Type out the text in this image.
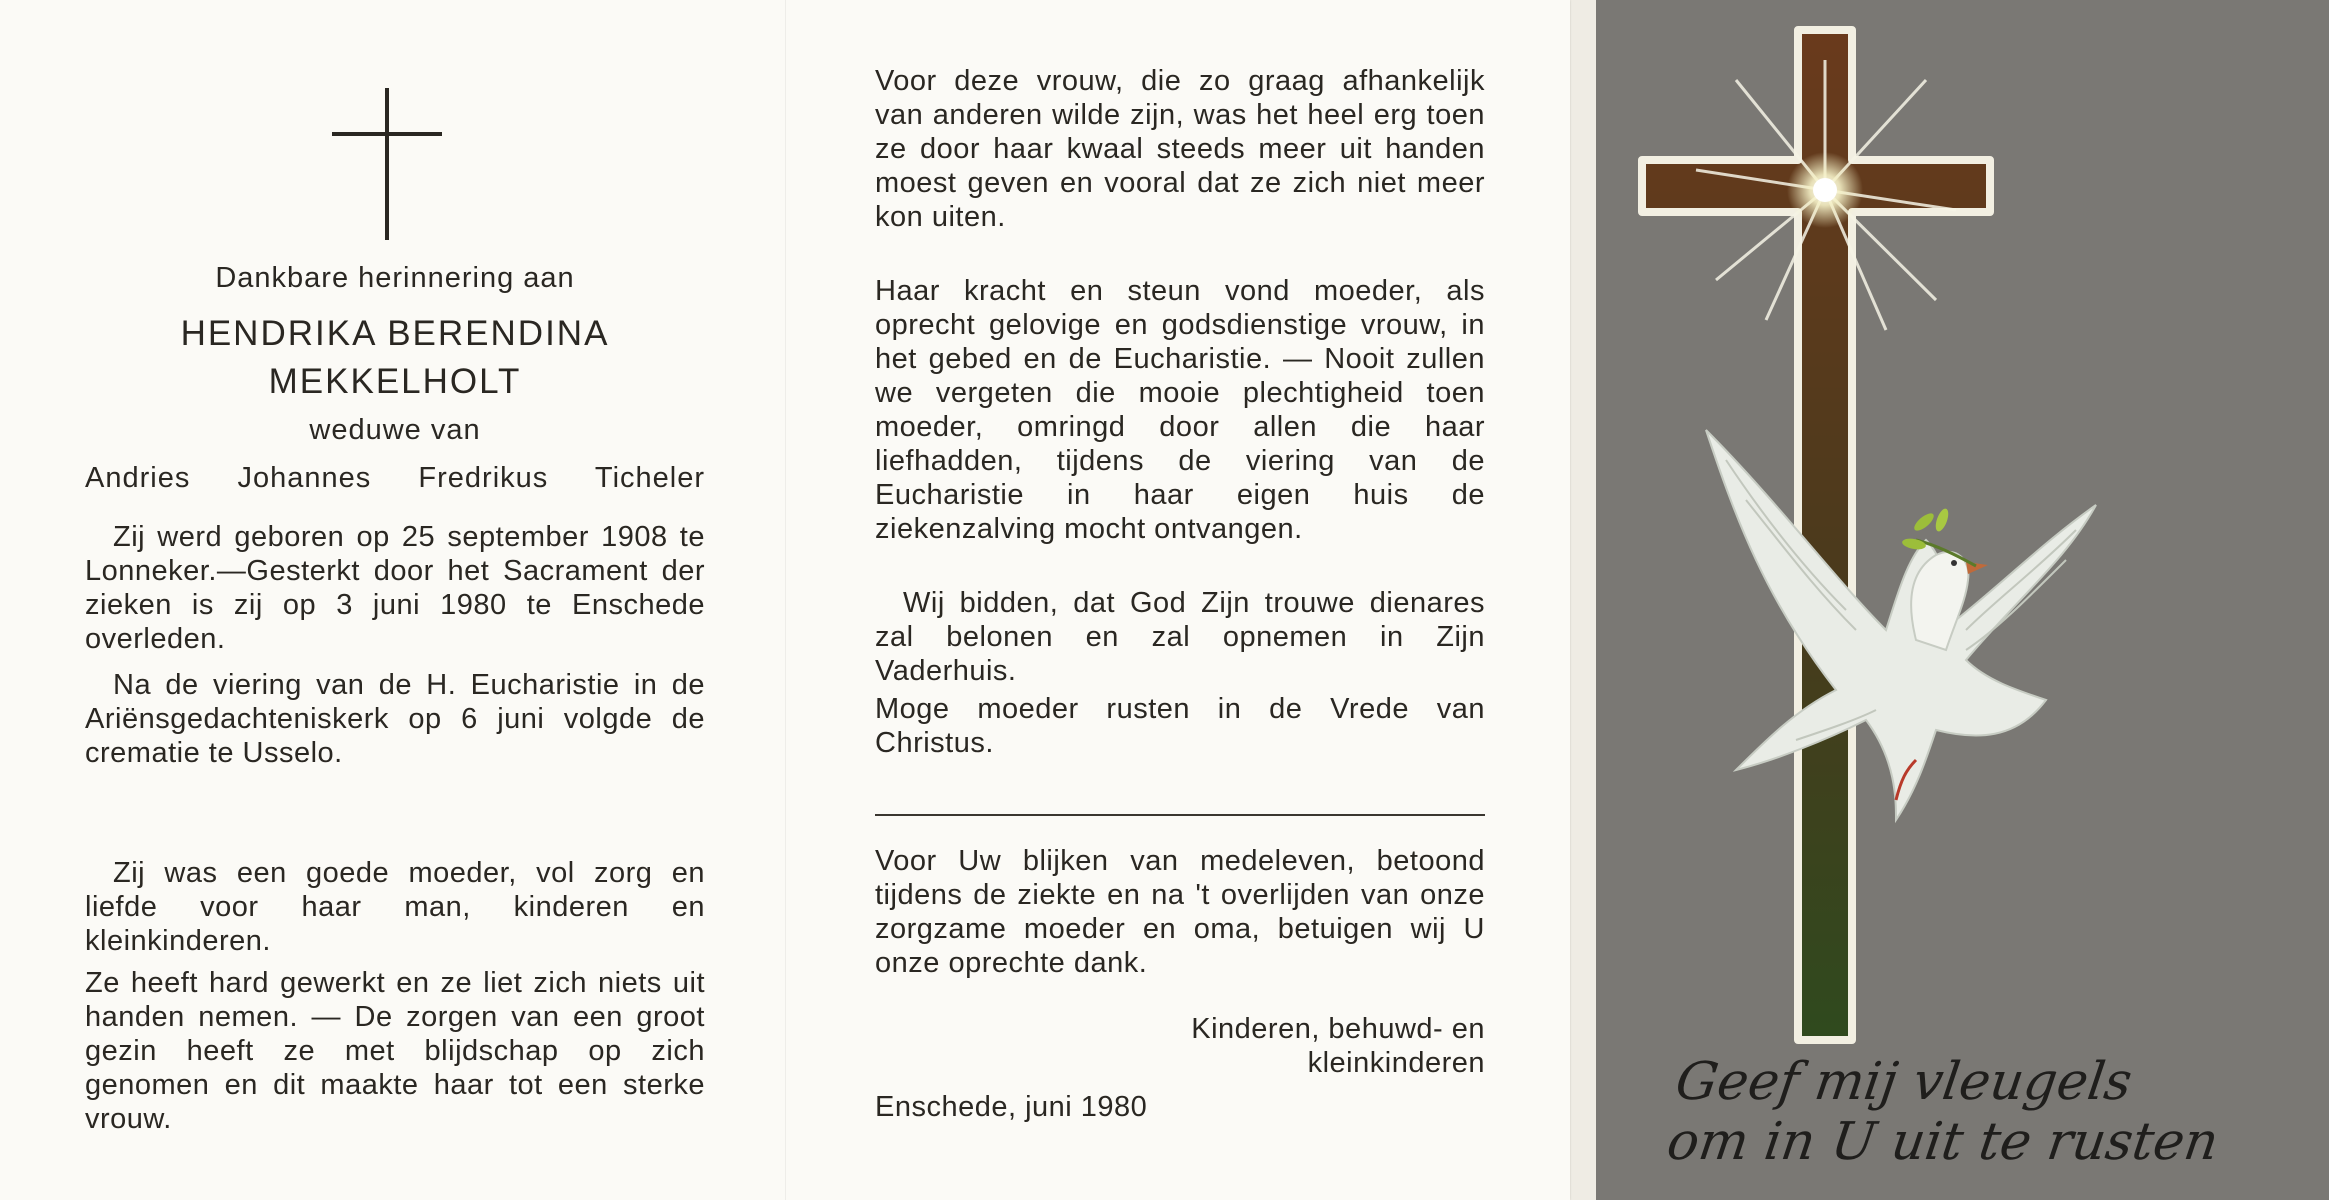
Dankbare herinnering aan
HENDRIKA BERENDINA
MEKKELHOLT
weduwe van
Andries Johannes Fredrikus Ticheler

Zij werd geboren op 25 september 1908 te Lonneker.—Gesterkt door het Sacrament der zieken is zij op 3 juni 1980 te Enschede overleden.

Na de viering van de H. Eucharistie in de Ariënsgedachteniskerk op 6 juni volgde de crematie te Usselo.

Zij was een goede moeder, vol zorg en liefde voor haar man, kinderen en kleinkinderen.

Ze heeft hard gewerkt en ze liet zich niets uit handen nemen. — De zorgen van een groot gezin heeft ze met blijdschap op zich genomen en dit maakte haar tot een sterke vrouw.

Voor deze vrouw, die zo graag afhankelijk van anderen wilde zijn, was het heel erg toen ze door haar kwaal steeds meer uit handen moest geven en vooral dat ze zich niet meer kon uiten.

Haar kracht en steun vond moeder, als oprecht gelovige en godsdienstige vrouw, in het gebed en de Eucharistie. — Nooit zullen we vergeten die mooie plechtigheid toen moeder, omringd door allen die haar liefhadden, tijdens de viering van de Eucharistie in haar eigen huis de ziekenzalving mocht ontvangen.

Wij bidden, dat God Zijn trouwe dienares zal belonen en zal opnemen in Zijn Vaderhuis.

Moge moeder rusten in de Vrede van Christus.

Voor Uw blijken van medeleven, betoond tijdens de ziekte en na 't overlijden van onze zorgzame moeder en oma, betuigen wij U onze oprechte dank.

Kinderen, behuwd- en
kleinkinderen
Enschede, juni 1980	Geef mij vleugels
om in U uit te rusten
